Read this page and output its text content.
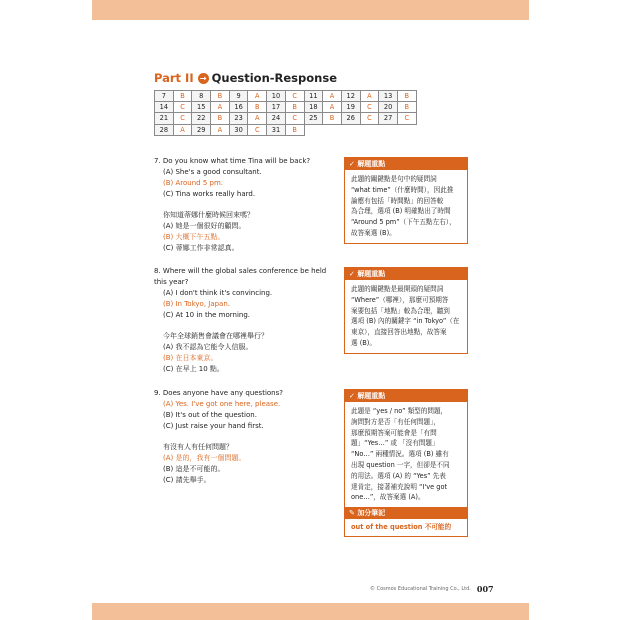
Part II → Question-Response
7	B	8	B	9	A	10	C	11	A	12	A	13	B
14	C	15	A	16	B	17	B	18	A	19	C	20	B
21	C	22	B	23	A	24	C	25	B	26	C	27	C
28	A	29	A	30	C	31	B						

7. Do you know what time Tina will be back?

(A) She's a good consultant.

(B) Around 5 pm.

(C) Tina works really hard.

你知道蒂娜什麼時候回來嗎？

(A) 她是一個很好的顧問。

(B) 大概下午五點。

(C) 蒂娜工作非常認真。

✓ 解題重點
此題的關鍵點是句中的疑問詞
“what time”（什麼時間），因此推
論應有包括「時間點」的回答較
為合理，選項 (B) 明確點出了時間
“Around 5 pm”（下午五點左右），
故答案選 (B)。

8. Where will the global sales conference be held this year?

(A) I don't think it's convincing.

(B) In Tokyo, Japan.

(C) At 10 in the morning.

今年全球銷售會議會在哪裡舉行？

(A) 我不認為它能令人信服。

(B) 在日本東京。

(C) 在早上 10 點。

✓ 解題重點
此題的關鍵點是最開頭的疑問詞
“Where”（哪裡），那麼可預期答
案要包括「地點」較為合理，聽到
選項 (B) 內的關鍵字 “in Tokyo”（在
東京），直接回答出地點，故答案
選 (B)。

9. Does anyone have any questions?

(A) Yes. I've got one here, please.

(B) It's out of the question.

(C) Just raise your hand first.

有沒有人有任何問題？

(A) 是的，我有一個問題。

(B) 這是不可能的。

(C) 請先舉手。

✓ 解題重點
此題是 “yes / no” 類型的問題，
詢問對方是否「有任何問題」，
那麼預期答案可能會是「有問
題」“Yes…” 或 「沒有問題」
“No…” 兩種情況。選項 (B) 雖有
出現 question 一字，但卻是不同
的用法。選項 (A) 的 “Yes” 先表
達肯定，接著補充說明 “I've got
one…”，故答案選 (A)。
✎ 加分筆記
out of the question 不可能的
© Cosmos Educational Training Co., Ltd. 007
